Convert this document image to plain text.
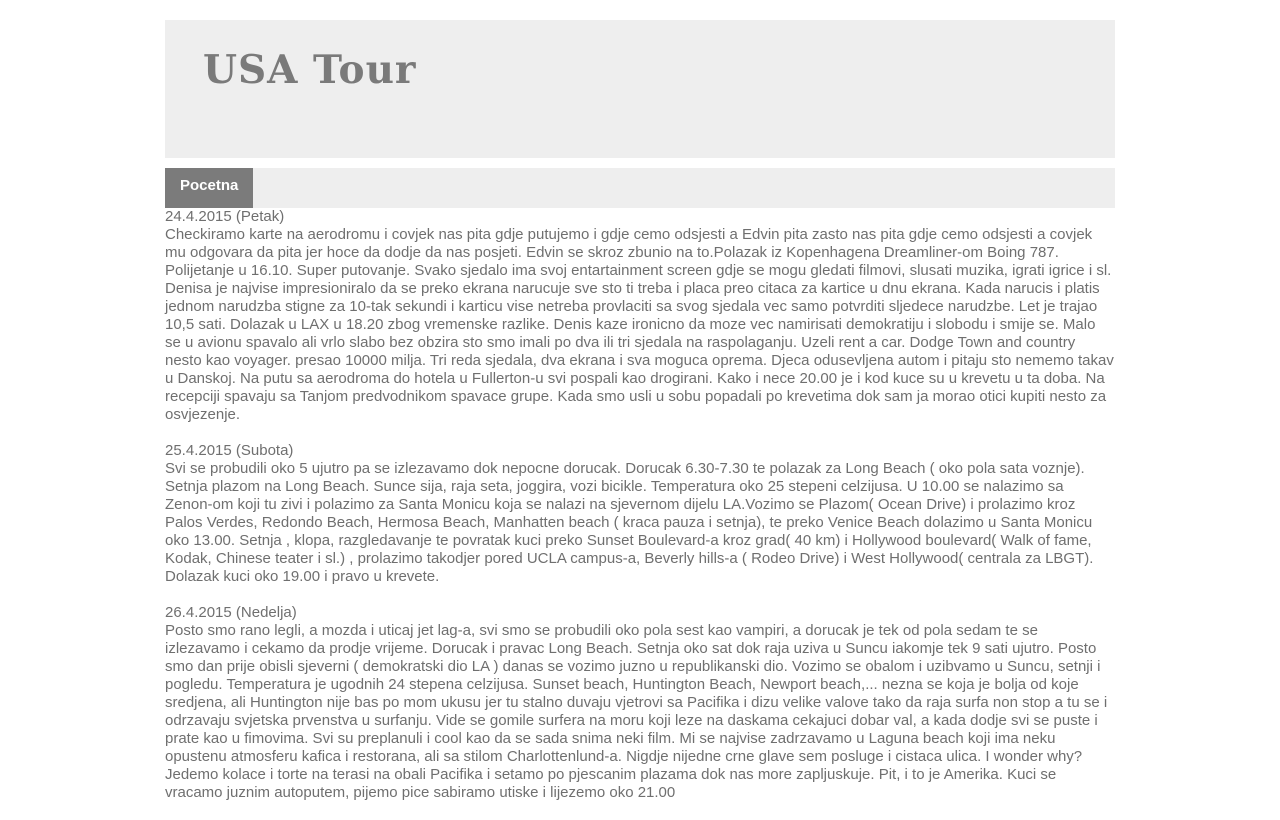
USA Tour
Pocetna
24.4.2015 (Petak)
Checkiramo karte na aerodromu i covjek nas pita gdje putujemo i gdje cemo odsjesti a Edvin pita zasto nas pita gdje cemo odsjesti a covjek mu odgovara da pita jer hoce da dodje da nas posjeti. Edvin se skroz zbunio na to.Polazak iz Kopenhagena Dreamliner-om Boing 787. Polijetanje u 16.10. Super putovanje. Svako sjedalo ima svoj entartainment screen gdje se mogu gledati filmovi, slusati muzika, igrati igrice i sl. Denisa je najvise impresioniralo da se preko ekrana narucuje sve sto ti treba i placa preo citaca za kartice u dnu ekrana. Kada narucis i platis jednom narudzba stigne za 10-tak sekundi i karticu vise netreba provlaciti sa svog sjedala vec samo potvrditi sljedece narudzbe. Let je trajao 10,5 sati. Dolazak u LAX u 18.20 zbog vremenske razlike. Denis kaze ironicno da moze vec namirisati demokratiju i slobodu i smije se. Malo se u avionu spavalo ali vrlo slabo bez obzira sto smo imali po dva ili tri sjedala na raspolaganju. Uzeli rent a car. Dodge Town and country nesto kao voyager. presao 10000 milja. Tri reda sjedala, dva ekrana i sva moguca oprema. Djeca odusevljena autom i pitaju sto nememo takav u Danskoj. Na putu sa aerodroma do hotela u Fullerton-u svi pospali kao drogirani. Kako i nece 20.00 je i kod kuce su u krevetu u ta doba. Na recepciji spavaju sa Tanjom predvodnikom spavace grupe. Kada smo usli u sobu popadali po krevetima dok sam ja morao otici kupiti nesto za osvjezenje.
25.4.2015 (Subota)
Svi se probudili oko 5 ujutro pa se izlezavamo dok nepocne dorucak. Dorucak 6.30-7.30 te polazak za Long Beach ( oko pola sata voznje). Setnja plazom na Long Beach. Sunce sija, raja seta, joggira, vozi bicikle. Temperatura oko 25 stepeni celzijusa. U 10.00 se nalazimo sa Zenon-om koji tu zivi i polazimo za Santa Monicu koja se nalazi na sjevernom dijelu LA.Vozimo se Plazom( Ocean Drive) i prolazimo kroz Palos Verdes, Redondo Beach, Hermosa Beach, Manhatten beach ( kraca pauza i setnja), te preko Venice Beach dolazimo u Santa Monicu oko 13.00. Setnja , klopa, razgledavanje te povratak kuci preko Sunset Boulevard-a kroz grad( 40 km) i Hollywood boulevard( Walk of fame, Kodak, Chinese teater i sl.) , prolazimo takodjer pored UCLA campus-a, Beverly hills-a ( Rodeo Drive) i West Hollywood( centrala za LBGT). Dolazak kuci oko 19.00 i pravo u krevete.
26.4.2015 (Nedelja)
Posto smo rano legli, a mozda i uticaj jet lag-a, svi smo se probudili oko pola sest kao vampiri, a dorucak je tek od pola sedam te se izlezavamo i cekamo da prodje vrijeme. Dorucak i pravac Long Beach. Setnja oko sat dok raja uziva u Suncu iakomje tek 9 sati ujutro. Posto smo dan prije obisli sjeverni ( demokratski dio LA ) danas se vozimo juzno u republikanski dio. Vozimo se obalom i uzibvamo u Suncu, setnji i pogledu. Temperatura je ugodnih 24 stepena celzijusa. Sunset beach, Huntington Beach, Newport beach,... nezna se koja je bolja od koje sredjena, ali Huntington nije bas po mom ukusu jer tu stalno duvaju vjetrovi sa Pacifika i dizu velike valove tako da raja surfa non stop a tu se i odrzavaju svjetska prvenstva u surfanju. Vide se gomile surfera na moru koji leze na daskama cekajuci dobar val, a kada dodje svi se puste i prate kao u fimovima. Svi su preplanuli i cool kao da se sada snima neki film. Mi se najvise zadrzavamo u Laguna beach koji ima neku opustenu atmosferu kafica i restorana, ali sa stilom Charlottenlund-a. Nigdje nijedne crne glave sem posluge i cistaca ulica. I wonder why? Jedemo kolace i torte na terasi na obali Pacifika i setamo po pjescanim plazama dok nas more zapljuskuje. Pit, i to je Amerika. Kuci se vracamo juznim autoputem, pijemo pice sabiramo utiske i lijezemo oko 21.00
